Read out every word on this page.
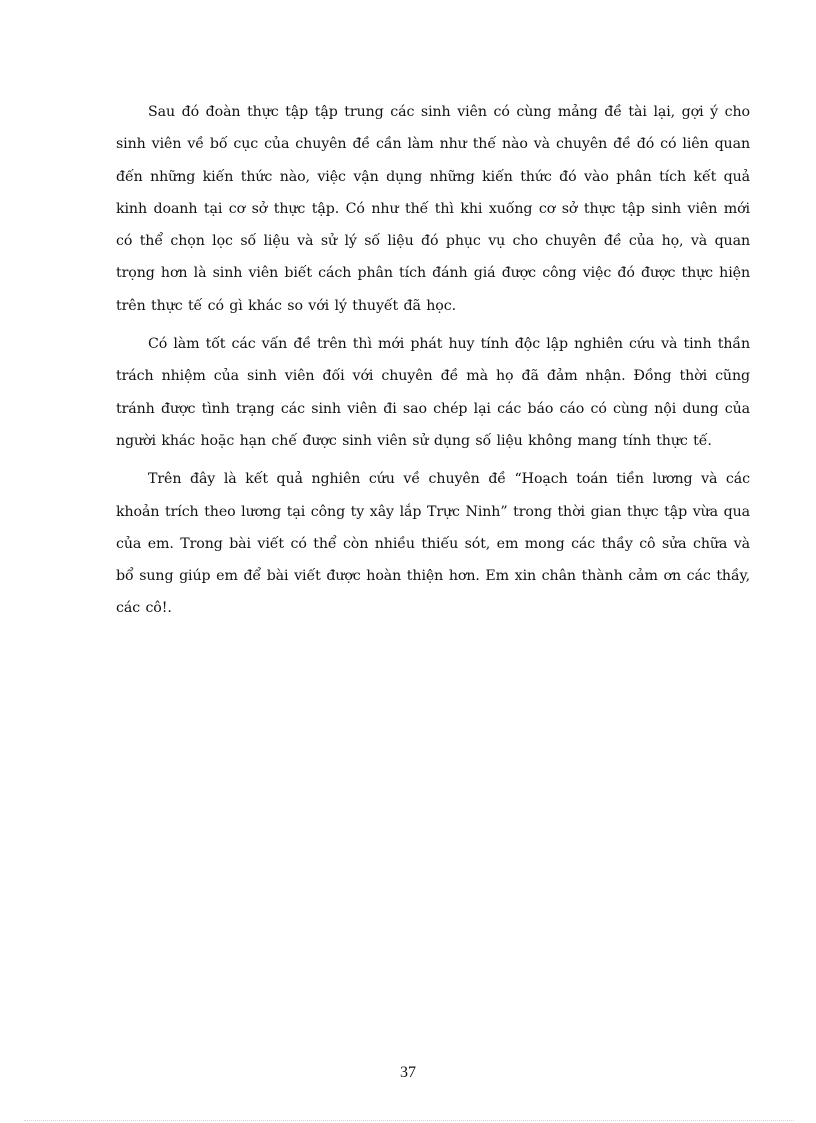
Sau đó đoàn thực tập tập trung các sinh viên có cùng mảng đề tài lại, gợi ý cho sinh viên về bố cục của chuyên đề cần làm như thế nào và chuyên đề đó có liên quan đến những kiến thức nào, việc vận dụng những kiến thức đó vào phân tích kết quả kinh doanh tại cơ sở thực tập. Có như thế thì khi xuống cơ sở thực tập sinh viên mới có thể chọn lọc số liệu và sử lý số liệu đó phục vụ cho chuyên đề của họ, và quan trọng hơn là sinh viên biết cách phân tích đánh giá được công việc đó được thực hiện trên thực tế có gì khác so với lý thuyết đã học.

Có làm tốt các vấn đề trên thì mới phát huy tính độc lập nghiên cứu và tinh thần trách nhiệm của sinh viên đối với chuyên đề mà họ đã đảm nhận. Đồng thời cũng tránh được tình trạng các sinh viên đi sao chép lại các báo cáo có cùng nội dung của người khác hoặc hạn chế được sinh viên sử dụng số liệu không mang tính thực tế.

Trên đây là kết quả nghiên cứu về chuyên đề “Hoạch toán tiền lương và các khoản trích theo lương tại công ty xây lắp Trực Ninh” trong thời gian thực tập vừa qua của em. Trong bài viết có thể còn nhiều thiếu sót, em mong các thầy cô sửa chữa và bổ sung giúp em để bài viết được hoàn thiện hơn. Em xin chân thành cảm ơn các thầy, các cô!.

37
